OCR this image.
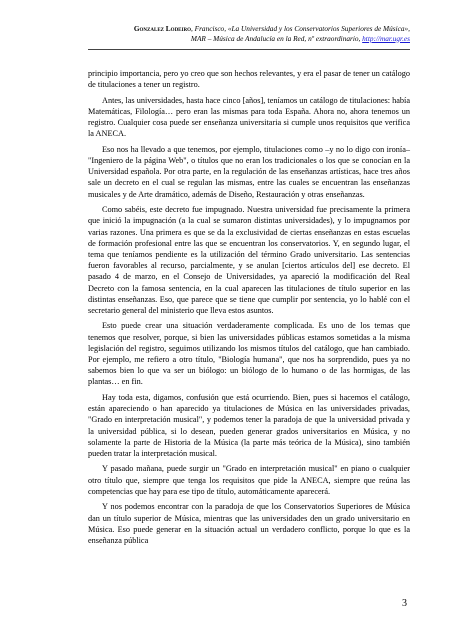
Gonzalez Lodeiro, Francisco, «La Universidad y los Conservatorios Superiores de Música»,
MAR – Música de Andalucía en la Red, nº extraordinario, http://mar.ugr.es

principio importancia, pero yo creo que son hechos relevantes, y era el pasar de tener un catálogo de titulaciones a tener un registro.

Antes, las universidades, hasta hace cinco [años], teníamos un catálogo de titulaciones: había Matemáticas, Filología… pero eran las mismas para toda España. Ahora no, ahora tenemos un registro. Cualquier cosa puede ser enseñanza universitaria si cumple unos requisitos que verifica la ANECA.

Eso nos ha llevado a que tenemos, por ejemplo, titulaciones como –y no lo digo con ironía– "Ingeniero de la página Web", o títulos que no eran los tradicionales o los que se conocían en la Universidad española. Por otra parte, en la regulación de las enseñanzas artísticas, hace tres años sale un decreto en el cual se regulan las mismas, entre las cuales se encuentran las enseñanzas musicales y de Arte dramático, además de Diseño, Restauración y otras enseñanzas.

Como sabéis, este decreto fue impugnado. Nuestra universidad fue precisamente la primera que inició la impugnación (a la cual se sumaron distintas universidades), y lo impugnamos por varias razones. Una primera es que se da la exclusividad de ciertas enseñanzas en estas escuelas de formación profesional entre las que se encuentran los conservatorios. Y, en segundo lugar, el tema que teníamos pendiente es la utilización del término Grado universitario. Las sentencias fueron favorables al recurso, parcialmente, y se anulan [ciertos artículos del] ese decreto. El pasado 4 de marzo, en el Consejo de Universidades, ya apareció la modificación del Real Decreto con la famosa sentencia, en la cual aparecen las titulaciones de título superior en las distintas enseñanzas. Eso, que parece que se tiene que cumplir por sentencia, yo lo hablé con el secretario general del ministerio que lleva estos asuntos.

Esto puede crear una situación verdaderamente complicada. Es uno de los temas que tenemos que resolver, porque, si bien las universidades públicas estamos sometidas a la misma legislación del registro, seguimos utilizando los mismos títulos del catálogo, que han cambiado. Por ejemplo, me refiero a otro título, "Biología humana", que nos ha sorprendido, pues ya no sabemos bien lo que va ser un biólogo: un biólogo de lo humano o de las hormigas, de las plantas… en fin.

Hay toda esta, digamos, confusión que está ocurriendo. Bien, pues si hacemos el catálogo, están apareciendo o han aparecido ya titulaciones de Música en las universidades privadas, "Grado en interpretación musical", y podemos tener la paradoja de que la universidad privada y la universidad pública, si lo desean, pueden generar grados universitarios en Música, y no solamente la parte de Historia de la Música (la parte más teórica de la Música), sino también pueden tratar la interpretación musical.

Y pasado mañana, puede surgir un "Grado en interpretación musical" en piano o cualquier otro título que, siempre que tenga los requisitos que pide la ANECA, siempre que reúna las competencias que hay para ese tipo de título, automáticamente aparecerá.

Y nos podemos encontrar con la paradoja de que los Conservatorios Superiores de Música dan un título superior de Música, mientras que las universidades den un grado universitario en Música. Eso puede generar en la situación actual un verdadero conflicto, porque lo que es la enseñanza pública

3
